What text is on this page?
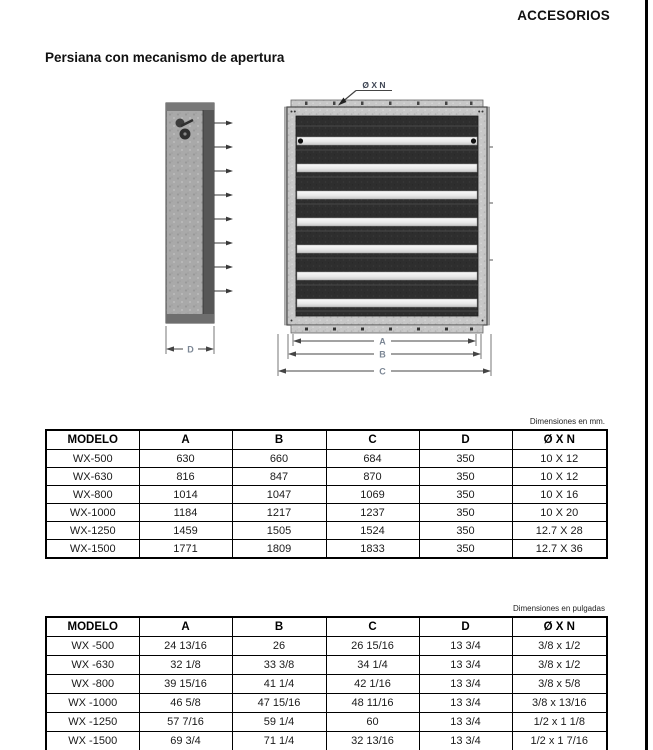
ACCESORIOS
Persiana con mecanismo de apertura
D
Ø X N
A
B
C
Dimensiones en mm.
MODELO	A	B	C	D	Ø X N
WX-500	630	660	684	350	10 X 12
WX-630	816	847	870	350	10 X 12
WX-800	1014	1047	1069	350	10 X 16
WX-1000	1184	1217	1237	350	10 X 20
WX-1250	1459	1505	1524	350	12.7 X 28
WX-1500	1771	1809	1833	350	12.7 X 36
Dimensiones en pulgadas
MODELO	A	B	C	D	Ø X N
WX -500	24 13/16	26	26 15/16	13 3/4	3/8 x 1/2
WX -630	32 1/8	33 3/8	34 1/4	13 3/4	3/8 x 1/2
WX -800	39 15/16	41 1/4	42 1/16	13 3/4	3/8 x 5/8
WX -1000	46 5/8	47 15/16	48 11/16	13 3/4	3/8 x 13/16
WX -1250	57 7/16	59 1/4	60	13 3/4	1/2 x 1 1/8
WX -1500	69 3/4	71 1/4	32 13/16	13 3/4	1/2 x 1 7/16
